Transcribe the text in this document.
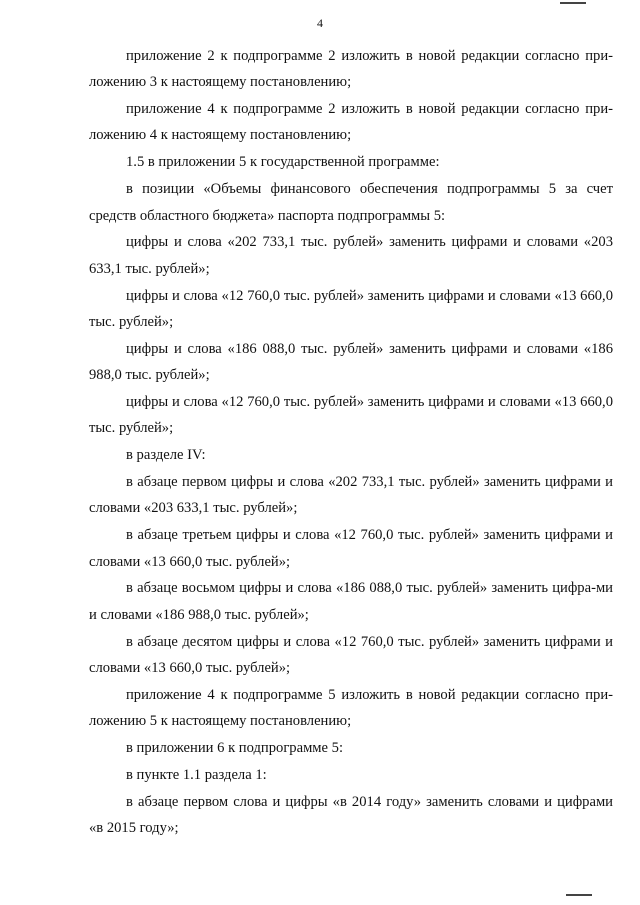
4

приложение 2 к подпрограмме 2 изложить в новой редакции согласно при-ложению 3 к настоящему постановлению;

приложение 4 к подпрограмме 2 изложить в новой редакции согласно при-ложению 4 к настоящему постановлению;

1.5 в приложении 5 к государственной программе:

в позиции «Объемы финансового обеспечения подпрограммы 5 за счет средств областного бюджета» паспорта подпрограммы 5:

цифры и слова «202 733,1 тыс. рублей» заменить цифрами и словами «203 633,1 тыс. рублей»;

цифры и слова «12 760,0 тыс. рублей» заменить цифрами и словами «13 660,0 тыс. рублей»;

цифры и слова «186 088,0 тыс. рублей» заменить цифрами и словами «186 988,0 тыс. рублей»;

цифры и слова «12 760,0 тыс. рублей» заменить цифрами и словами «13 660,0 тыс. рублей»;

в разделе IV:

в абзаце первом цифры и слова «202 733,1 тыс. рублей» заменить цифрами и словами «203 633,1 тыс. рублей»;

в абзаце третьем цифры и слова «12 760,0 тыс. рублей» заменить цифрами и словами «13 660,0 тыс. рублей»;

в абзаце восьмом цифры и слова «186 088,0 тыс. рублей» заменить цифра-ми и словами «186 988,0 тыс. рублей»;

в абзаце десятом цифры и слова «12 760,0 тыс. рублей» заменить цифрами и словами «13 660,0 тыс. рублей»;

приложение 4 к подпрограмме 5 изложить в новой редакции согласно при-ложению 5 к настоящему постановлению;

в приложении 6 к подпрограмме 5:

в пункте 1.1 раздела 1:

в абзаце первом слова и цифры «в 2014 году» заменить словами и цифрами «в 2015 году»;
